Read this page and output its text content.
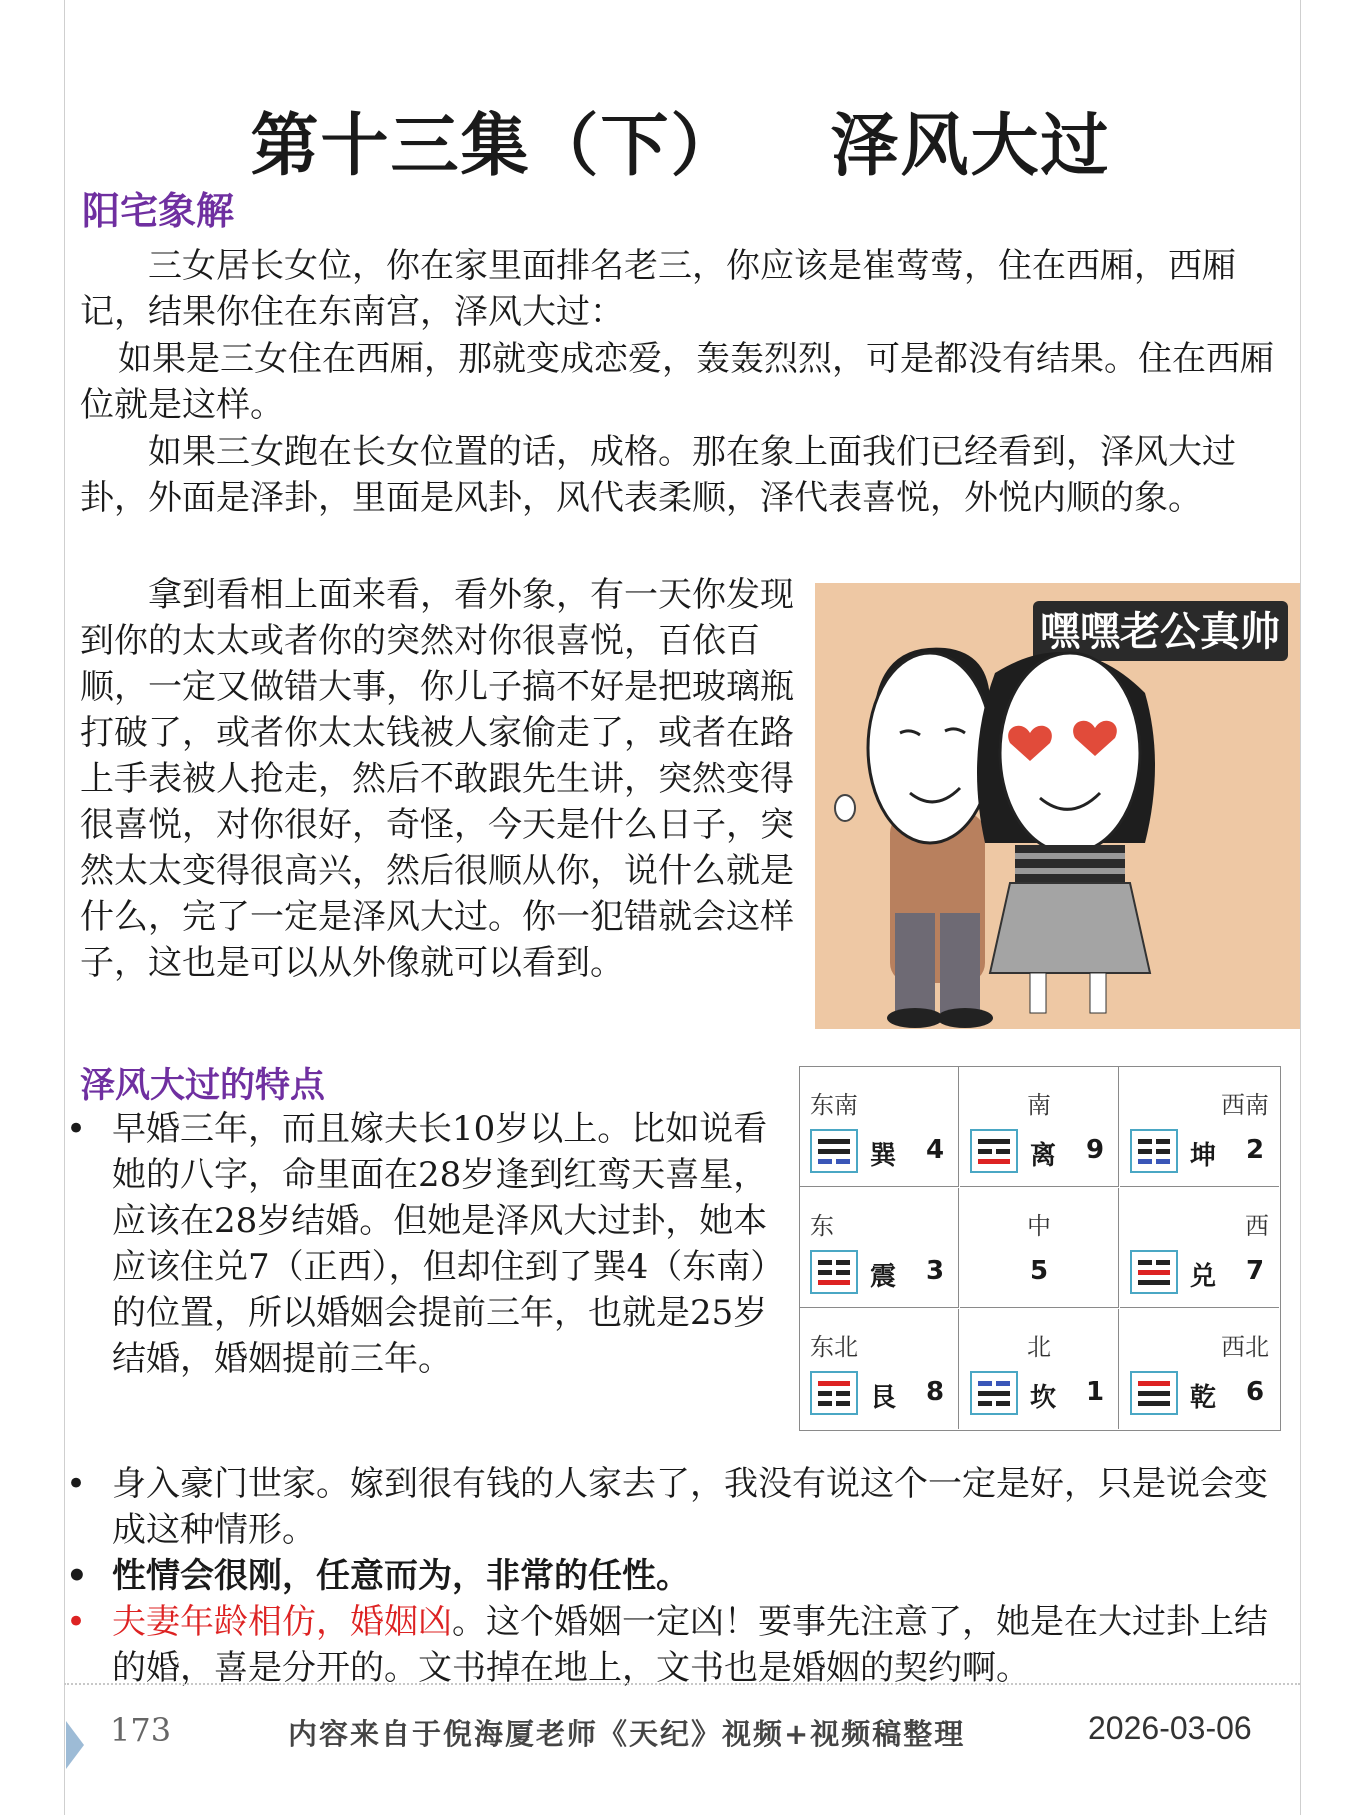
第十三集（下） 泽风大过
阳宅象解
三女居长女位，你在家里面排名老三，你应该是崔莺莺，住在西厢，西厢记，结果你住在东南宫，泽风大过：
如果是三女住在西厢，那就变成恋爱，轰轰烈烈，可是都没有结果。住在西厢位就是这样。
如果三女跑在长女位置的话，成格。那在象上面我们已经看到，泽风大过卦，外面是泽卦，里面是风卦，风代表柔顺，泽代表喜悦，外悦内顺的象。
拿到看相上面来看，看外象，有一天你发现到你的太太或者你的突然对你很喜悦，百依百顺，一定又做错大事，你儿子搞不好是把玻璃瓶打破了，或者你太太钱被人家偷走了，或者在路上手表被人抢走，然后不敢跟先生讲，突然变得很喜悦，对你很好，奇怪，今天是什么日子，突然太太变得很高兴，然后很顺从你，说什么就是什么，完了一定是泽风大过。你一犯错就会这样子，这也是可以从外像就可以看到。
嘿嘿老公真帅
泽风大过的特点
• 早婚三年，而且嫁夫长10岁以上。比如说看她的八字，命里面在28岁逢到红鸾天喜星，应该在28岁结婚。但她是泽风大过卦，她本应该住兑7（正西），但却住到了巽4（东南）的位置，所以婚姻会提前三年，也就是25岁结婚，婚姻提前三年。
东南
巽 4
南
离 9
西南
坤 2
东
震 3
中
5
西
兑 7
东北
艮 8
北
坎 1
西北
乾 6
• 身入豪门世家。嫁到很有钱的人家去了，我没有说这个一定是好，只是说会变成这种情形。
• 性情会很刚，任意而为，非常的任性。
• 夫妻年龄相仿，婚姻凶。这个婚姻一定凶！要事先注意了，她是在大过卦上结的婚，喜是分开的。文书掉在地上，文书也是婚姻的契约啊。
173	内容来自于倪海厦老师《天纪》视频+视频稿整理	2026-03-06
